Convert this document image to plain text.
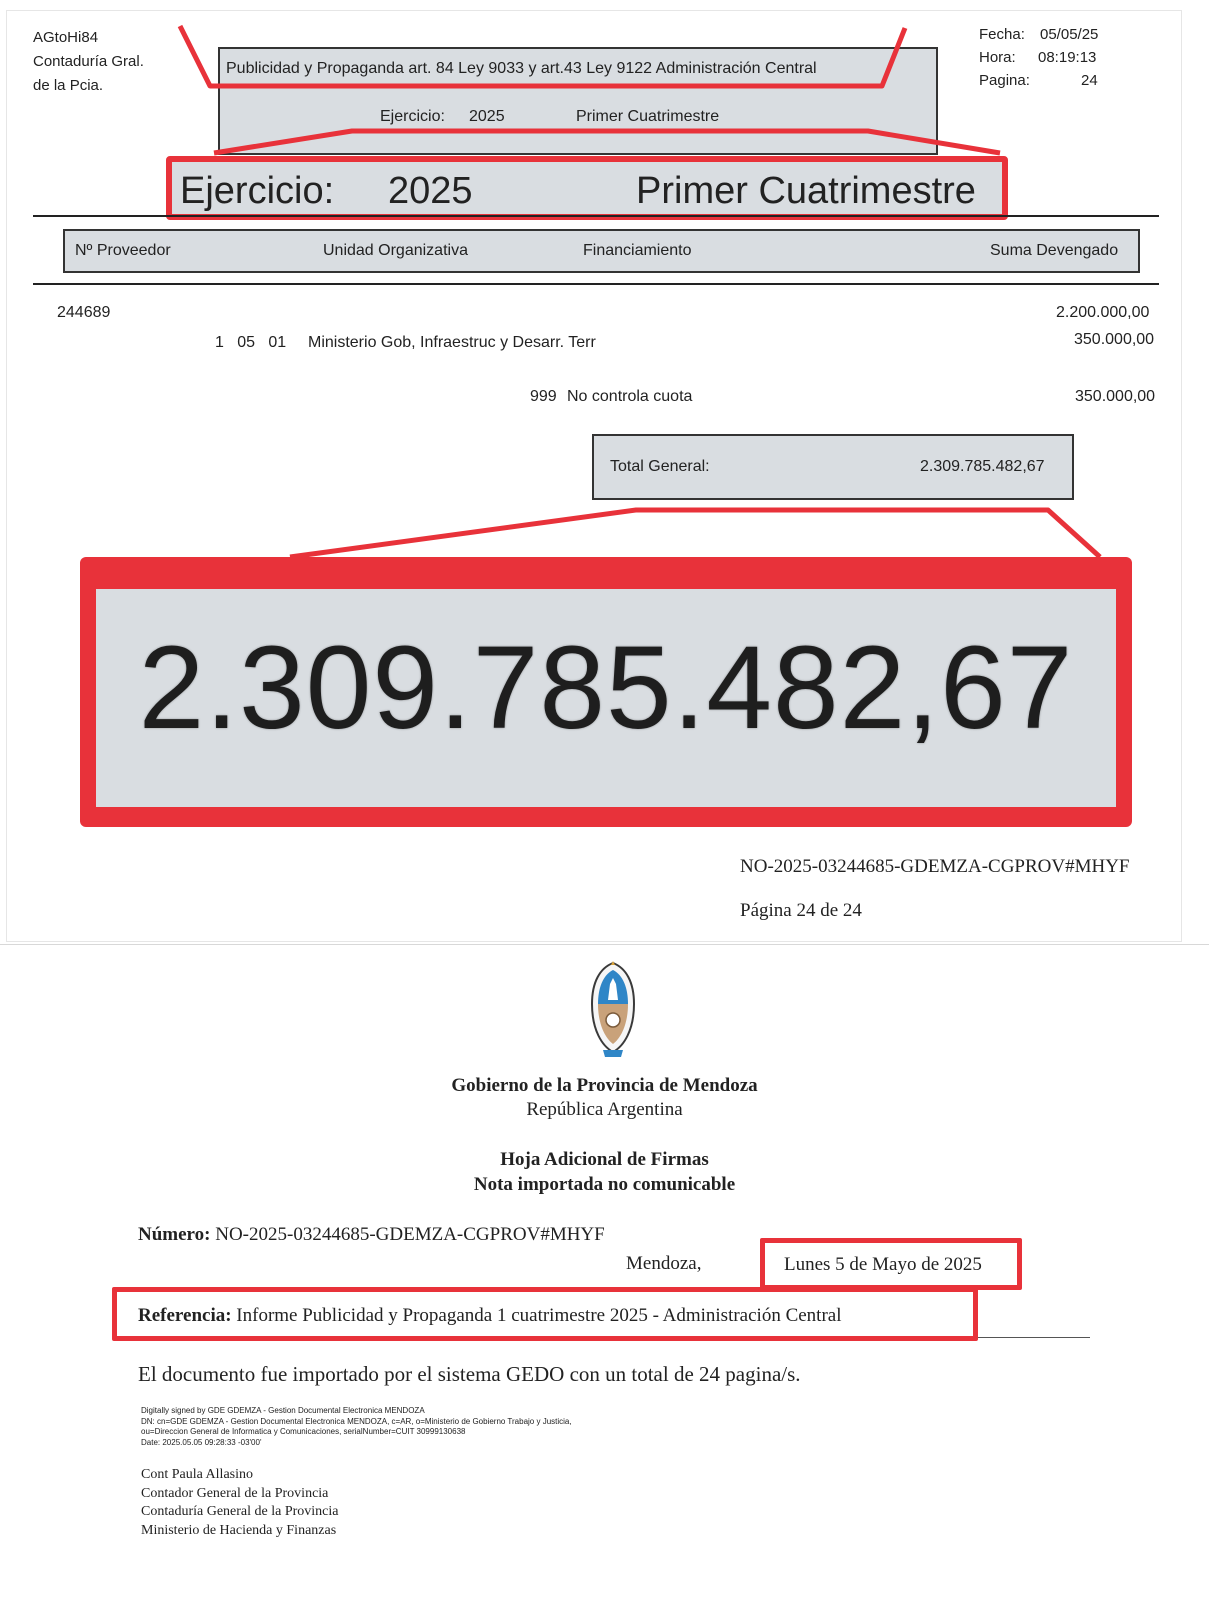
AGtoHi84
Contaduría Gral.
de la Pcia.
Fecha: 05/05/25
Hora: 08:19:13
Pagina:	24
Publicidad y Propaganda art. 84 Ley 9033 y art.43 Ley 9122 Administración Central
Ejercicio: 2025	Primer Cuatrimestre
Ejercicio: 2025	Primer Cuatrimestre
Nº Proveedor	Unidad Organizativa	Financiamiento	Suma Devengado
244689	2.200.000,00
1   05   01 Ministerio Gob, Infraestruc y Desarr. Terr	350.000,00
999 No controla cuota	350.000,00
Total General:	2.309.785.482,67
2.309.785.482,67
NO-2025-03244685-GDEMZA-CGPROV#MHYF
Página 24 de 24
Gobierno de la Provincia de Mendoza
República Argentina
Hoja Adicional de Firmas
Nota importada no comunicable
Número: NO-2025-03244685-GDEMZA-CGPROV#MHYF
Mendoza,	Lunes 5 de Mayo de 2025
Referencia: Informe Publicidad y Propaganda 1 cuatrimestre 2025 - Administración Central
El documento fue importado por el sistema GEDO con un total de 24 pagina/s.
Digitally signed by GDE GDEMZA - Gestion Documental Electronica MENDOZA
DN: cn=GDE GDEMZA - Gestion Documental Electronica MENDOZA, c=AR, o=Ministerio de Gobierno Trabajo y Justicia,
ou=Direccion General de Informatica y Comunicaciones, serialNumber=CUIT 30999130638
Date: 2025.05.05 09:28:33 -03'00'
Cont Paula Allasino
Contador General de la Provincia
Contaduría General de la Provincia
Ministerio de Hacienda y Finanzas
